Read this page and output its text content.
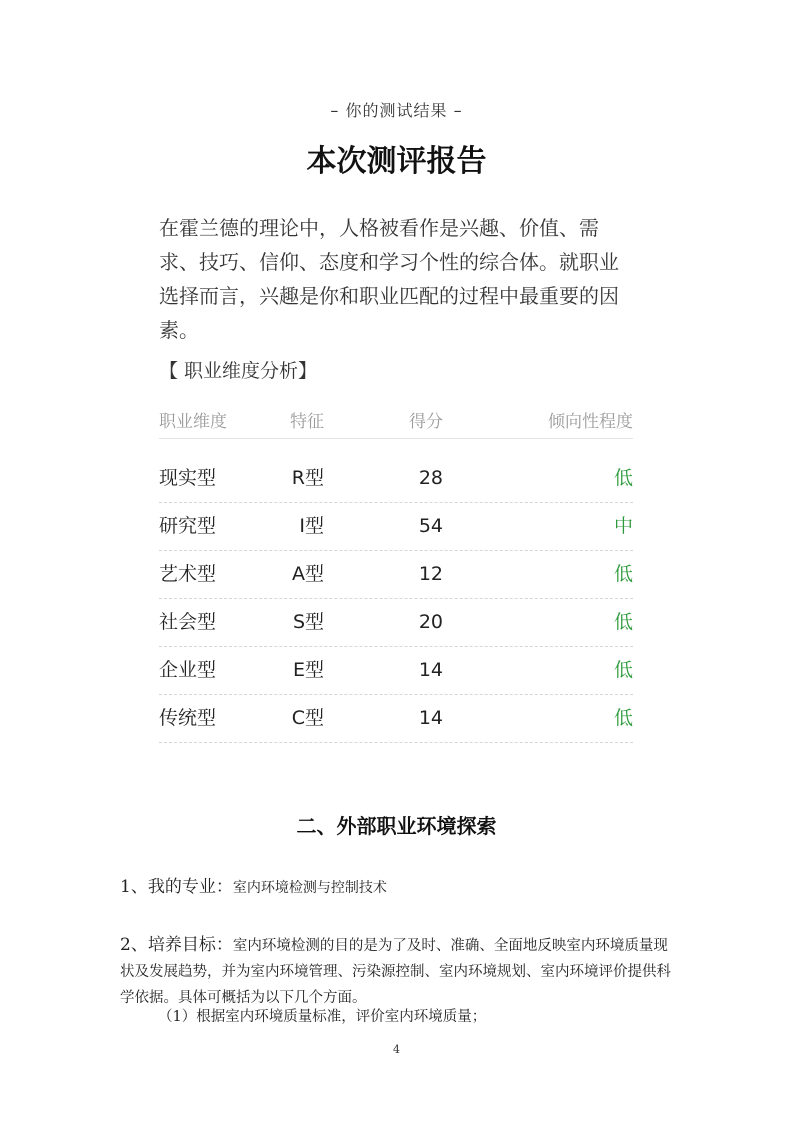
– 你的测试结果 –
本次测评报告
在霍兰德的理论中，人格被看作是兴趣、价值、需求、技巧、信仰、态度和学习个性的综合体。就职业选择而言，兴趣是你和职业匹配的过程中最重要的因素。
【 职业维度分析】
职业维度	特征	得分	倾向性程度
现实型	R型	28	低
研究型	I型	54	中
艺术型	A型	12	低
社会型	S型	20	低
企业型	E型	14	低
传统型	C型	14	低
二、外部职业环境探索
1、我的专业：室内环境检测与控制技术
2、培养目标：室内环境检测的目的是为了及时、准确、全面地反映室内环境质量现状及发展趋势，并为室内环境管理、污染源控制、室内环境规划、室内环境评价提供科学依据。具体可概括为以下几个方面。
（1）根据室内环境质量标准，评价室内环境质量；
4
